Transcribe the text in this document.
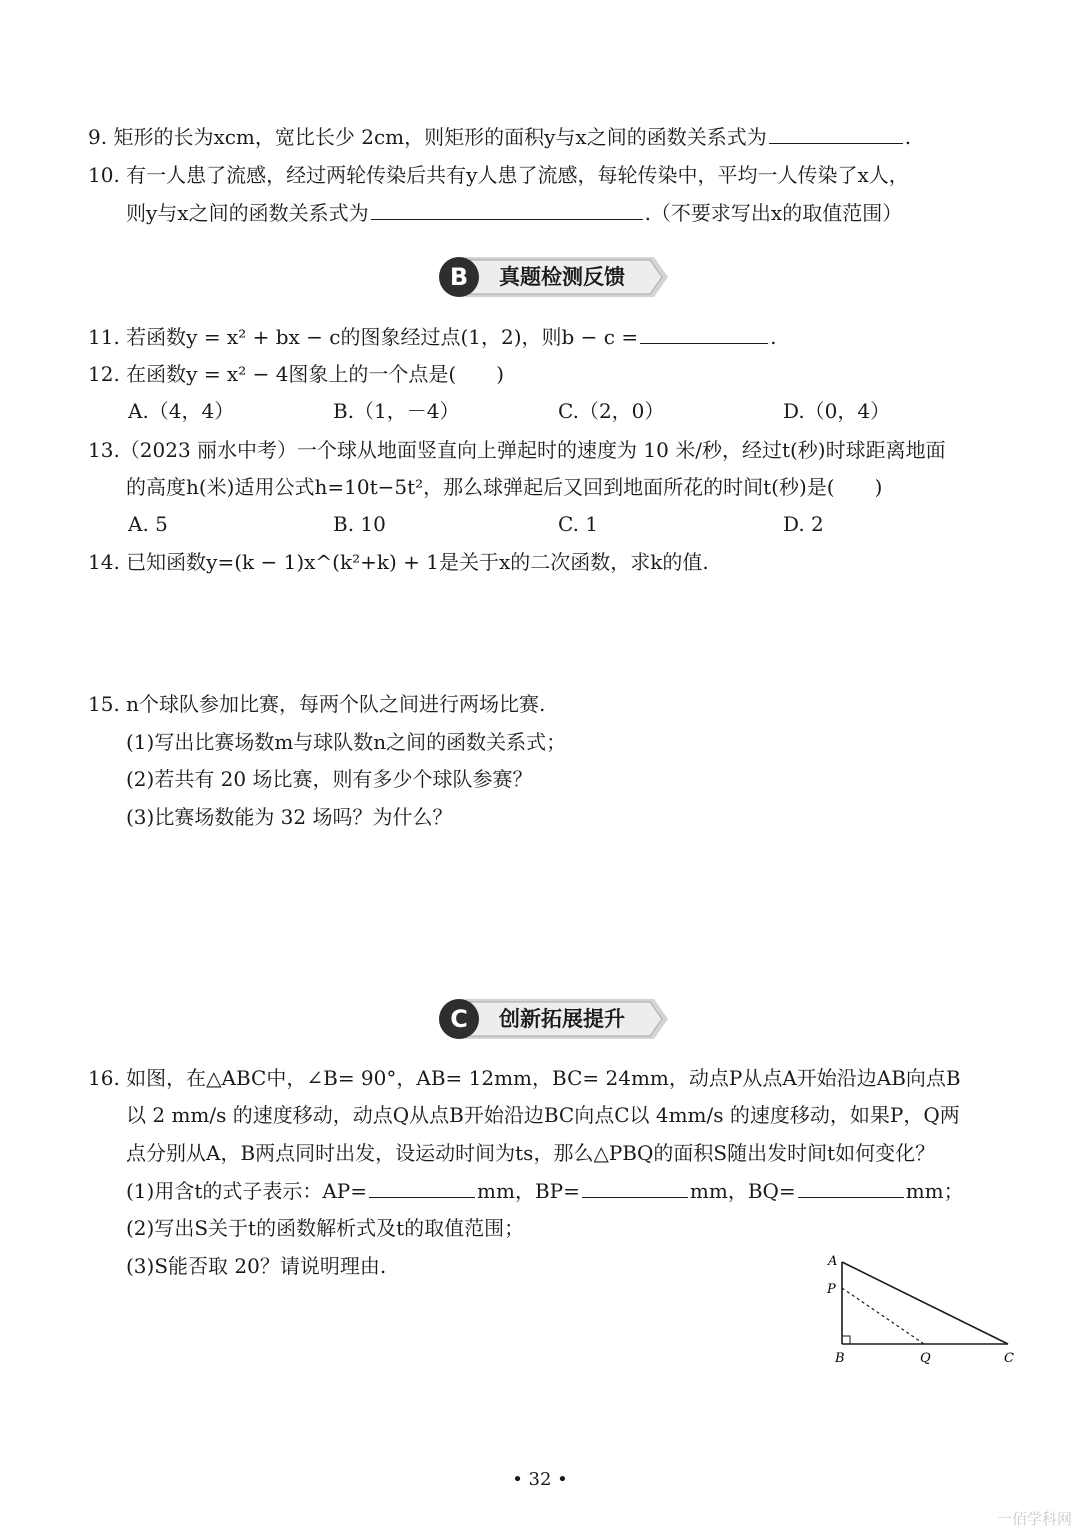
9. 矩形的长为xcm，宽比长少 2cm，则矩形的面积y与x之间的函数关系式为	.
10. 有一人患了流感，经过两轮传染后共有y人患了流感，每轮传染中，平均一人传染了x人，
则y与x之间的函数关系式为	.（不要求写出x的取值范围）
B 真题检测反馈
11. 若函数y = x² + bx − c的图象经过点(1，2)，则b − c =	.
12. 在函数y = x² − 4图象上的一个点是(　　)
A.（4，4）	B.（1，－4）	C.（2，0）	D.（0，4）
13.（2023 丽水中考）一个球从地面竖直向上弹起时的速度为 10 米/秒，经过t(秒)时球距离地面
的高度h(米)适用公式h=10t−5t²，那么球弹起后又回到地面所花的时间t(秒)是(　　)
A. 5	B. 10	C. 1	D. 2
14. 已知函数y=(k − 1)x^(k²+k) + 1是关于x的二次函数，求k的值.
15. n个球队参加比赛，每两个队之间进行两场比赛.
(1)写出比赛场数m与球队数n之间的函数关系式；
(2)若共有 20 场比赛，则有多少个球队参赛？
(3)比赛场数能为 32 场吗？为什么？
C 创新拓展提升
16. 如图，在△ABC中，∠B= 90°，AB= 12mm，BC= 24mm，动点P从点A开始沿边AB向点B
以 2 mm/s 的速度移动，动点Q从点B开始沿边BC向点C以 4mm/s 的速度移动，如果P，Q两
点分别从A，B两点同时出发，设运动时间为ts，那么△PBQ的面积S随出发时间t如何变化？
(1)用含t的式子表示：AP=	mm，BP=	mm，BQ=	mm；
(2)写出S关于t的函数解析式及t的取值范围；
(3)S能否取 20？请说明理由.	A
P
B	Q	C
• 32 •
一佰学科网
